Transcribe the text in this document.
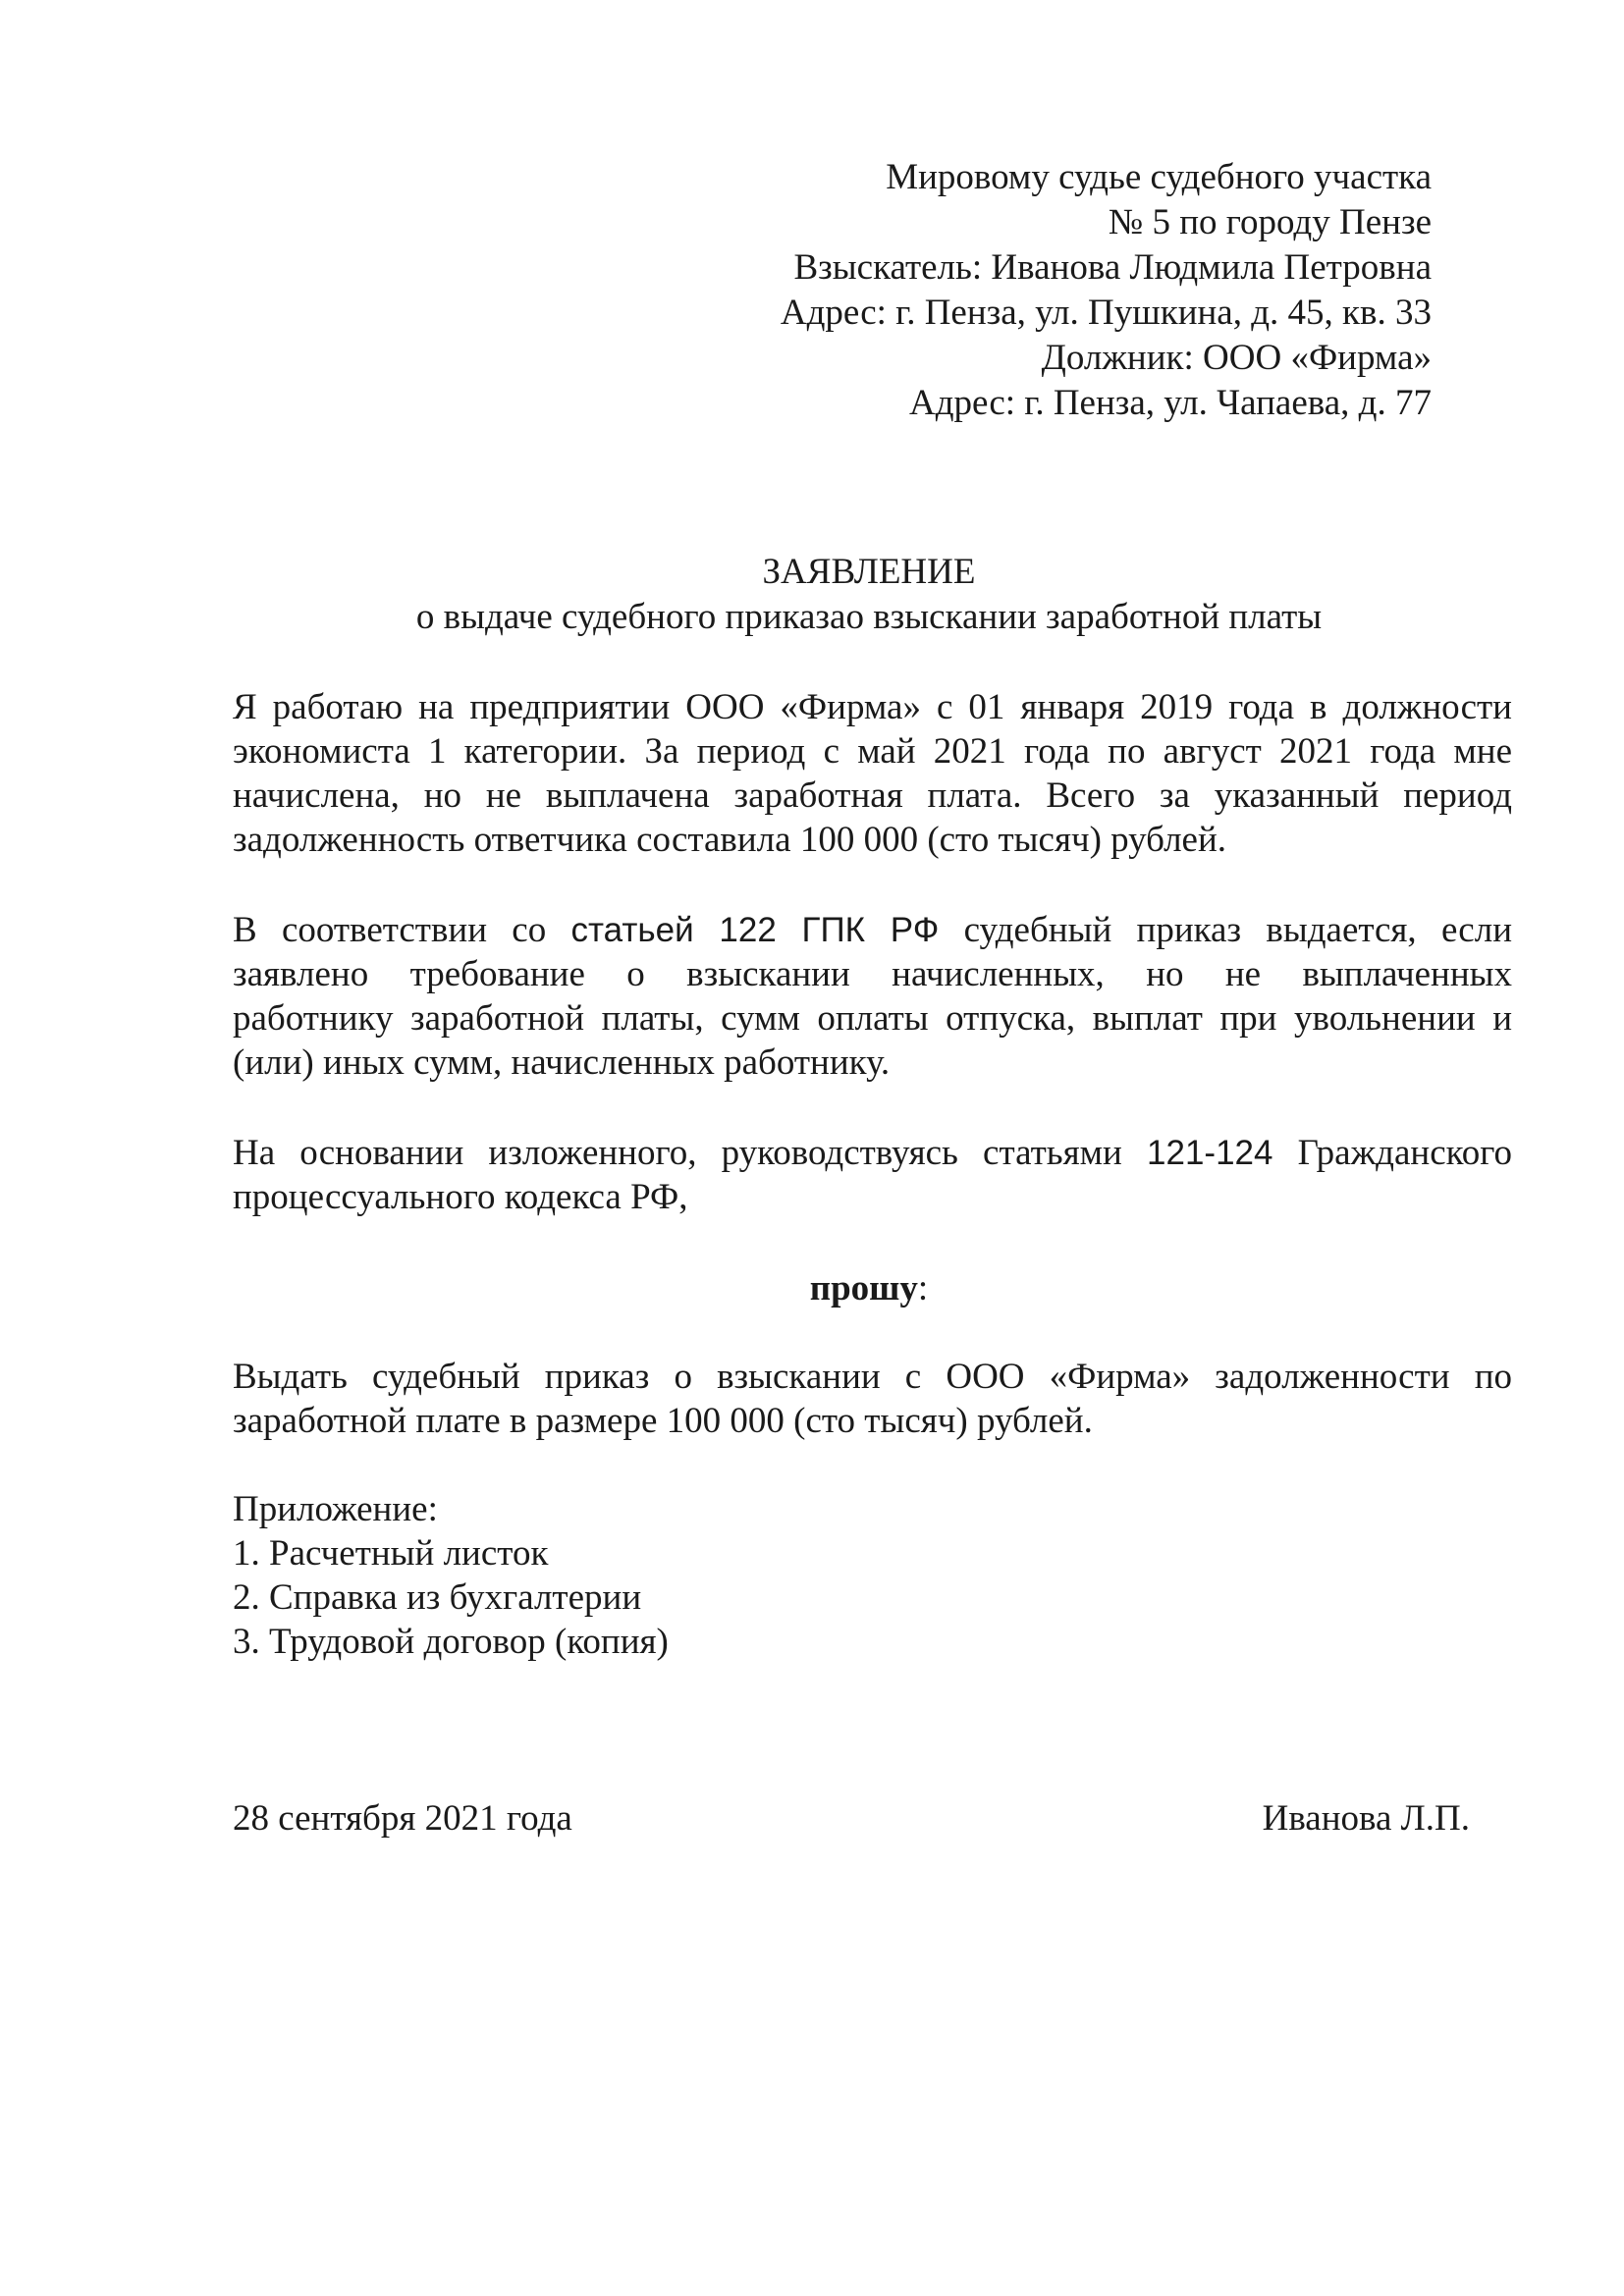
Мировому судье судебного участка
№ 5 по городу Пензе
Взыскатель: Иванова Людмила Петровна
Адрес: г. Пенза, ул. Пушкина, д. 45, кв. 33
Должник: ООО «Фирма»
Адрес: г. Пенза, ул. Чапаева, д. 77
ЗАЯВЛЕНИЕ
о выдаче судебного приказао взыскании заработной платы
Я работаю на предприятии ООО «Фирма» с 01 января 2019 года в должности
экономиста 1 категории. За период с май 2021 года по август 2021 года мне
начислена, но не выплачена заработная плата. Всего за указанный период
задолженность ответчика составила 100 000 (сто тысяч) рублей.
В соответствии со статьей 122 ГПК РФ судебный приказ выдается, если
заявлено требование о взыскании начисленных, но не выплаченных
работнику заработной платы, сумм оплаты отпуска, выплат при увольнении и
(или) иных сумм, начисленных работнику.
На основании изложенного, руководствуясь статьями 121-124 Гражданского
процессуального кодекса РФ,
прошу:
Выдать судебный приказ о взыскании с ООО «Фирма» задолженности по
заработной плате в размере 100 000 (сто тысяч) рублей.
Приложение:
1. Расчетный листок
2. Справка из бухгалтерии
3. Трудовой договор (копия)
28 сентября 2021 года	Иванова Л.П.
